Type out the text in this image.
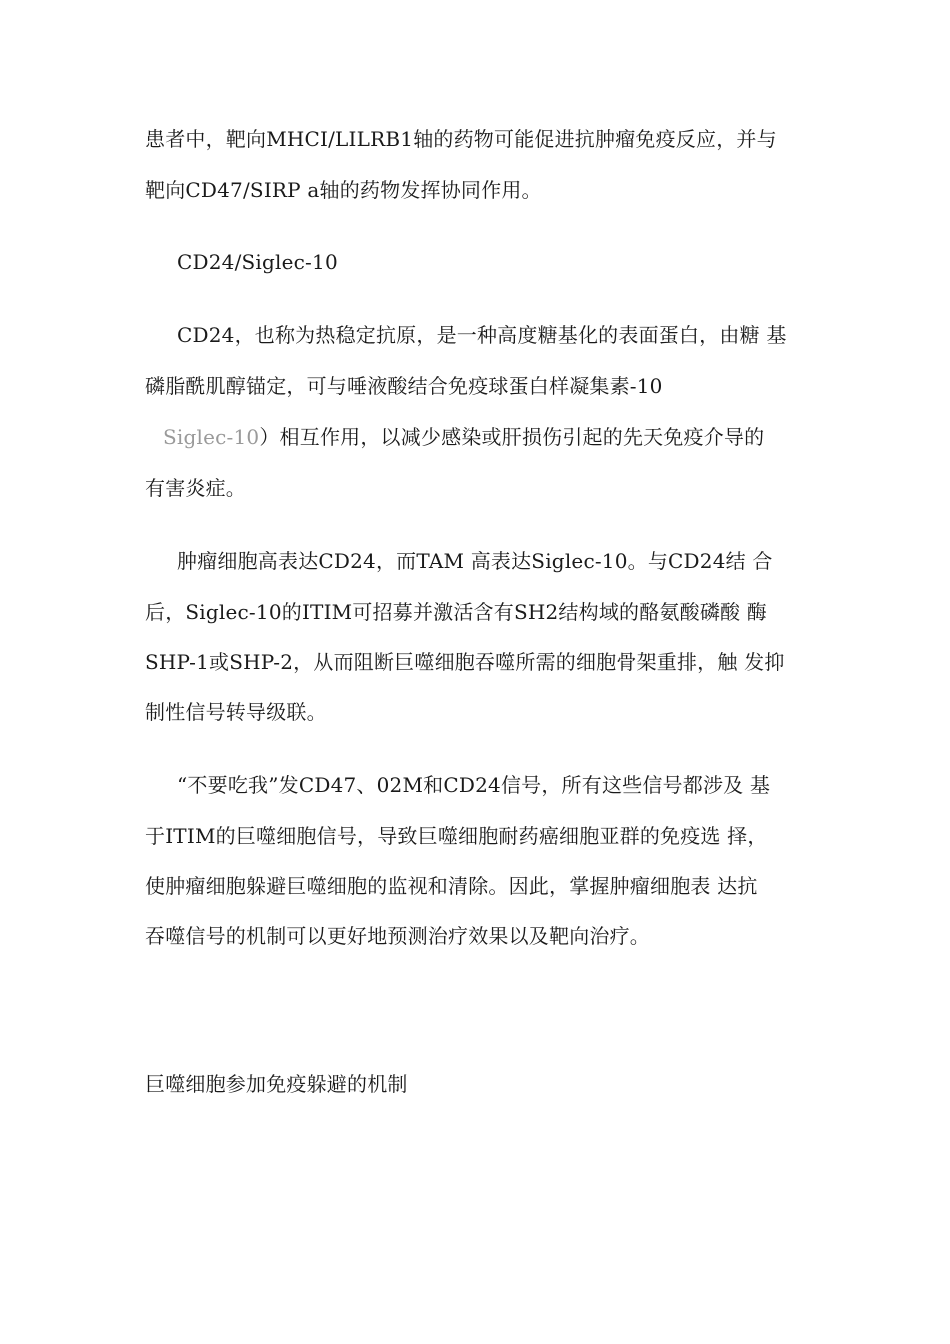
患者中，靶向MHCI/LILRB1轴的药物可能促进抗肿瘤免疫反应，并与
靶向CD47/SIRP a轴的药物发挥协同作用。
CD24/Siglec-10
CD24，也称为热稳定抗原，是一种高度糖基化的表面蛋白，由糖 基
磷脂酰肌醇锚定，可与唾液酸结合免疫球蛋白样凝集素-10
Siglec-10）相互作用，以减少感染或肝损伤引起的先天免疫介导的
有害炎症。
肿瘤细胞高表达CD24，而TAM 高表达Siglec-10。与CD24结 合
后，Siglec-10的ITIM可招募并激活含有SH2结构域的酪氨酸磷酸 酶
SHP-1或SHP-2，从而阻断巨噬细胞吞噬所需的细胞骨架重排，触 发抑
制性信号转导级联。
“不要吃我”发CD47、02M和CD24信号，所有这些信号都涉及 基
于ITIM的巨噬细胞信号，导致巨噬细胞耐药癌细胞亚群的免疫选 择，
使肿瘤细胞躲避巨噬细胞的监视和清除。因此，掌握肿瘤细胞表 达抗
吞噬信号的机制可以更好地预测治疗效果以及靶向治疗。
巨噬细胞参加免疫躲避的机制
